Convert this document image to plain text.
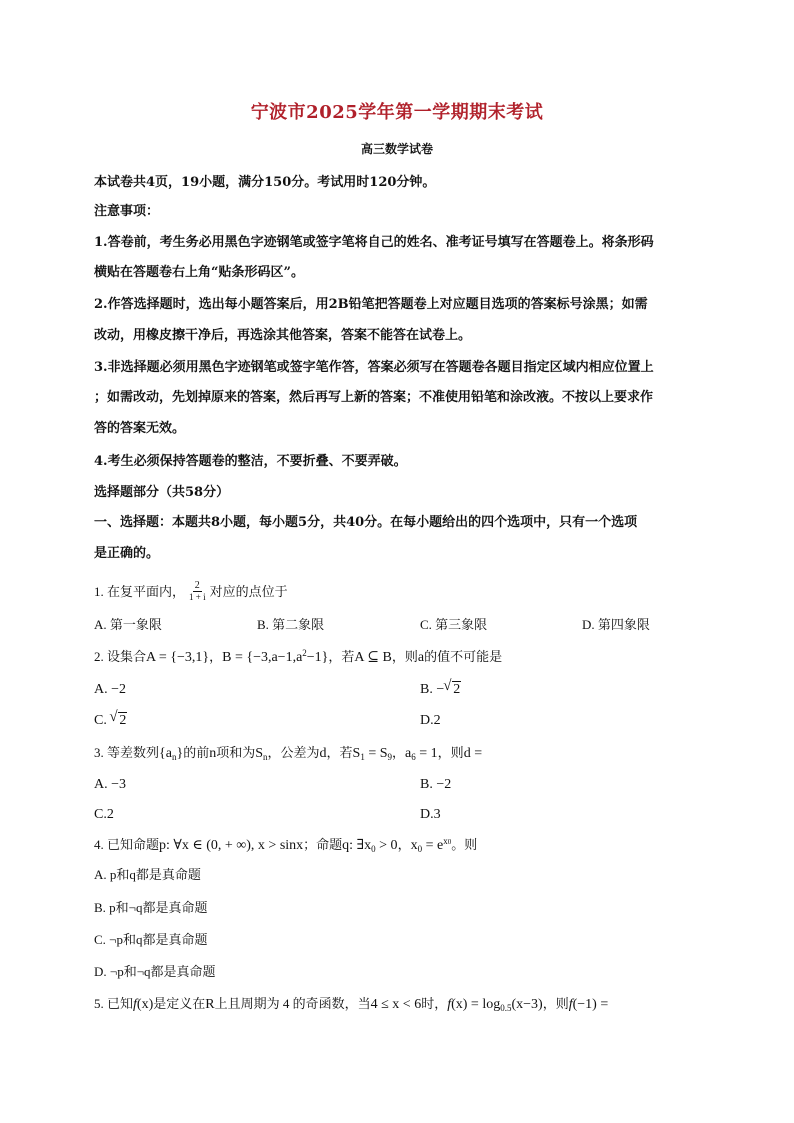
宁波市2025学年第一学期期末考试
高三数学试卷
本试卷共4页，19小题，满分150分。考试用时120分钟。
注意事项：
1.答卷前，考生务必用黑色字迹钢笔或签字笔将自己的姓名、准考证号填写在答题卷上。将条形码
横贴在答题卷右上角“贴条形码区”。
2.作答选择题时，选出每小题答案后，用2B铅笔把答题卷上对应题目选项的答案标号涂黑；如需
改动，用橡皮擦干净后，再选涂其他答案，答案不能答在试卷上。
3.非选择题必须用黑色字迹钢笔或签字笔作答，答案必须写在答题卷各题目指定区域内相应位置上
；如需改动，先划掉原来的答案，然后再写上新的答案；不准使用铅笔和涂改液。不按以上要求作
答的答案无效。
4.考生必须保持答题卷的整洁，不要折叠、不要弄破。
选择题部分（共58分）
一、选择题：本题共8小题，每小题5分，共40分。在每小题给出的四个选项中，只有一个选项
是正确的。
1. 在复平面内， $\frac{2}{1 + i}$ 对应的点位于
A. 第一象限	B. 第二象限	C. 第三象限	D. 第四象限
2. 设集合A = {−3,1}，$B = \{-3,a-1,a^2-1\}$，若A ⊆ B，则a的值不可能是
A. −2	B. − √ 2
C. √ 2	D.2
3. 等差数列$\{a_n\}$的前n项和为$S_n$，公差为d，若$S_1 = S_9$，$a_6 = 1$，则d =
A. −3	B. −2
C.2	D.3
4. 已知命题p: ∀x ∈ (0, + ∞), x > sinx；命题q: $\exists x_0 > 0$，$x_0 = e^{x0}$。则
A. p和q都是真命题
B. p和¬q都是真命题
C. ¬p和q都是真命题
D. ¬p和¬q都是真命题
5. 已知f(x)是定义在R上且周期为 4 的奇函数，当4 ≤ x < 6时，$f(x) = \log_{0.5}(x-3)$，则f(−1) =
